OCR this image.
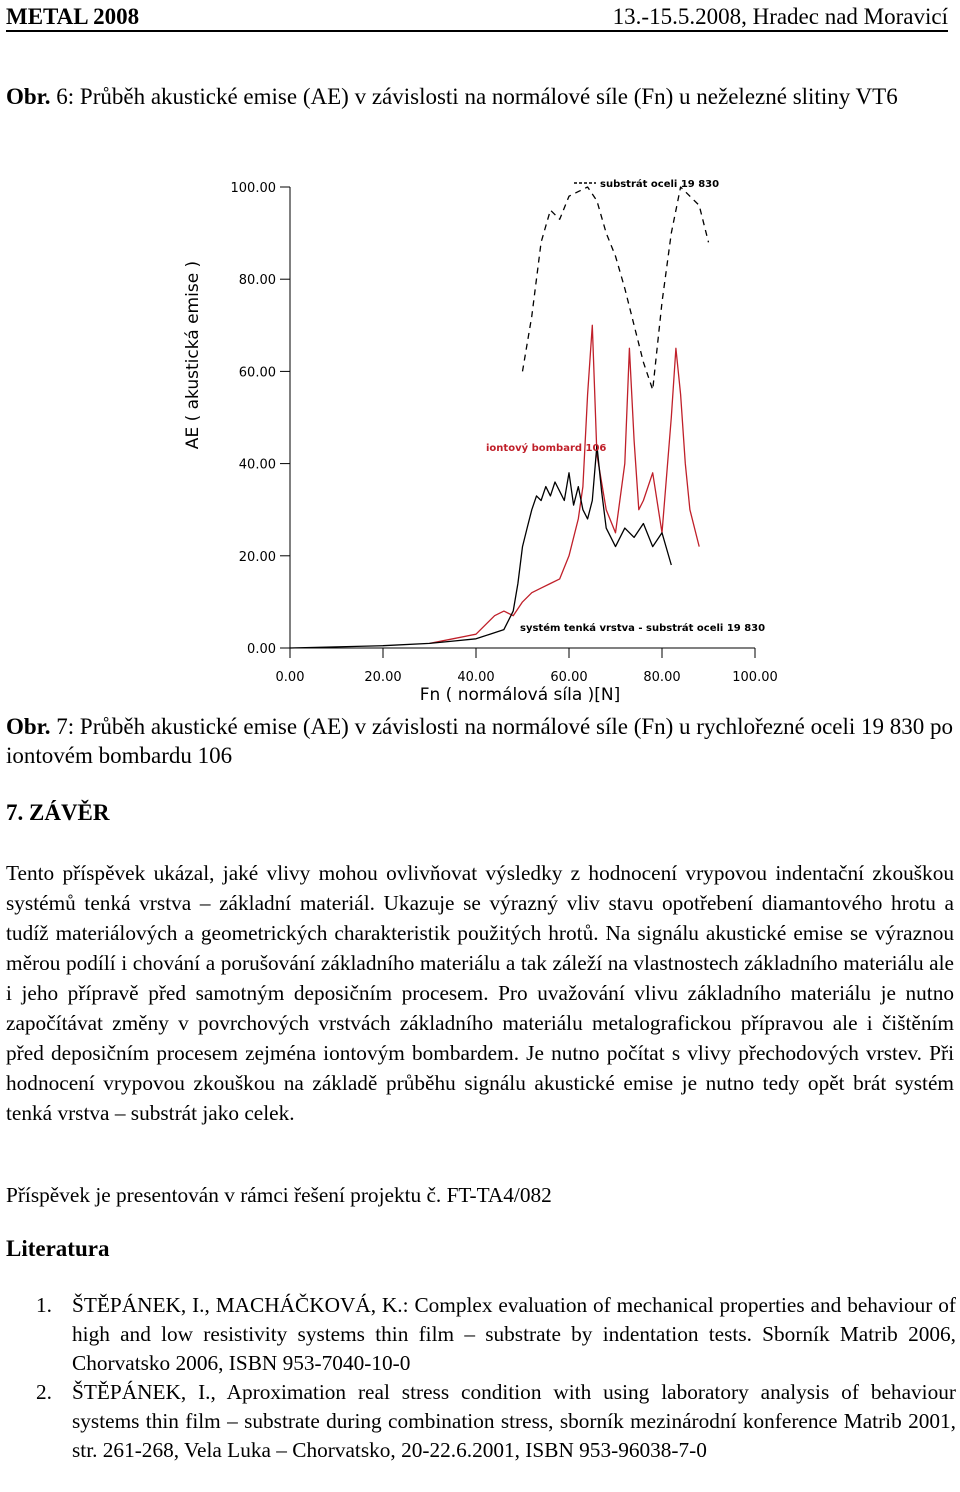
METAL 2008	13.-15.5.2008, Hradec nad Moravicí
Obr. 6: Průběh akustické emise (AE) v závislosti na normálové síle (Fn) u neželezné slitiny VT6
0.00
20.00
40.00
60.00
80.00
100.00
0.00	20.00	40.00	60.00	80.00	100.00
AE ( akustická emise )
Fn ( normálová síla )[N]
substrát oceli 19 830
iontový bombard 106
systém tenká vrstva - substrát oceli 19 830
Obr. 7: Průběh akustické emise (AE) v závislosti na normálové síle (Fn) u rychlořezné oceli 19 830 po iontovém bombardu 106
7. ZÁVĚR
Tento příspěvek ukázal, jaké vlivy mohou ovlivňovat výsledky z hodnocení vrypovou indentační zkouškou systémů tenká vrstva – základní materiál. Ukazuje se výrazný vliv stavu opotřebení diamantového hrotu a tudíž materiálových a geometrických charakteristik použitých hrotů. Na signálu akustické emise se výraznou měrou podílí i chování a porušování základního materiálu a tak záleží na vlastnostech základního materiálu ale i jeho přípravě před samotným deposičním procesem. Pro uvažování vlivu základního materiálu je nutno započítávat změny v povrchových vrstvách základního materiálu metalografickou přípravou ale i čištěním před deposičním procesem zejména iontovým bombardem. Je nutno počítat s vlivy přechodových vrstev. Při hodnocení vrypovou zkouškou na základě průběhu signálu akustické emise je nutno tedy opět brát systém tenká vrstva – substrát jako celek.
Příspěvek je presentován v rámci řešení projektu č. FT-TA4/082
Literatura
1. ŠTĚPÁNEK, I., MACHÁČKOVÁ, K.: Complex evaluation of mechanical properties and behaviour of high and low resistivity systems thin film – substrate by indentation tests. Sborník Matrib 2006, Chorvatsko 2006, ISBN 953-7040-10-0
2. ŠTĚPÁNEK, I., Aproximation real stress condition with using laboratory analysis of behaviour systems thin film – substrate during combination stress, sborník mezinárodní konference Matrib 2001, str. 261-268, Vela Luka – Chorvatsko, 20-22.6.2001, ISBN 953-96038-7-0
